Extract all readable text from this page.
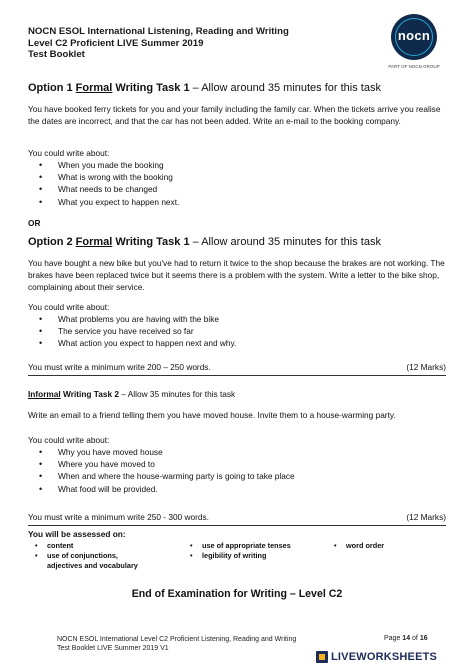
NOCN ESOL International Listening, Reading and Writing
Level C2 Proficient LIVE Summer 2019
Test Booklet
nocn
PART OF NOCN GROUP
Option 1 Formal Writing Task 1 – Allow around 35 minutes for this task
You have booked ferry tickets for you and your family including the family car. When the tickets arrive you realise the dates are incorrect, and that the car has not been added. Write an e-mail to the booking company.
You could write about:
• When you made the booking
• What is wrong with the booking
• What needs to be changed
• What you expect to happen next.
OR
Option 2 Formal Writing Task 1 – Allow around 35 minutes for this task
You have bought a new bike but you've had to return it twice to the shop because the brakes are not working. The brakes have been replaced twice but it seems there is a problem with the system. Write a letter to the bike shop, complaining about their service.
You could write about:
• What problems you are having with the bike
• The service you have received so far
• What action you expect to happen next and why.
You must write a minimum write 200 – 250 words.	(12 Marks)
Informal Writing Task 2 – Allow 35 minutes for this task
Write an email to a friend telling them you have moved house. Invite them to a house-warming party.
You could write about:
• Why you have moved house
• Where you have moved to
• When and where the house-warming party is going to take place
• What food will be provided.
You must write a minimum write 250 - 300 words.	(12 Marks)
You will be assessed on:
• content
• use of conjunctions,
adjectives and vocabulary
• use of appropriate tenses
• legibility of writing
• word order
End of Examination for Writing – Level C2
NOCN ESOL International Level C2 Proficient Listening, Reading and Writing
Test Booklet LIVE Summer 2019 V1
Page 14 of 16
LIVEWORKSHEETS
